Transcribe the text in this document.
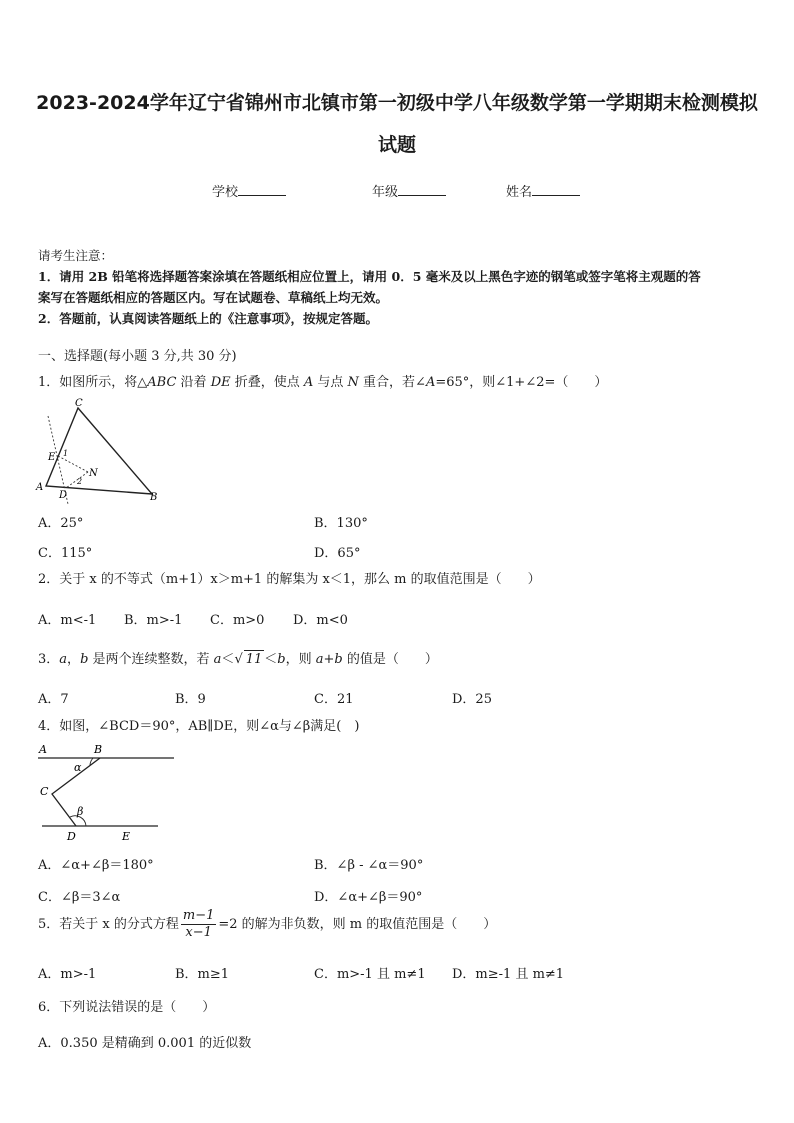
2023-2024学年辽宁省锦州市北镇市第一初级中学八年级数学第一学期期末检测模拟
试题
学校	年级	姓名
请考生注意：
1．请用 2B 铅笔将选择题答案涂填在答题纸相应位置上，请用 0．5 毫米及以上黑色字迹的钢笔或签字笔将主观题的答
案写在答题纸相应的答题区内。写在试题卷、草稿纸上均无效。
2．答题前，认真阅读答题纸上的《注意事项》，按规定答题。
一、选择题(每小题 3 分,共 30 分)
1．如图所示，将△ABC 沿着 DE 折叠，使点 A 与点 N 重合，若∠A=65°，则∠1+∠2=（　　）
C
E 1
N
2
A
D	B
A．25°	B．130°
C．115°	D．65°
2．关于 x 的不等式（m+1）x＞m+1 的解集为 x＜1，那么 m 的取值范围是（　　）
A．m<-1 B．m>-1 C．m>0 D．m<0
3．a，b 是两个连续整数，若 a＜√ 11 ＜b，则 a+b 的值是（　　）
A．7	B．9	C．21	D．25
4．如图，∠BCD＝90°，AB∥DE，则∠α与∠β满足(　)
A	B
α
C
β
D	E
A．∠α+∠β＝180°	B．∠β - ∠α＝90°
C．∠β＝3∠α	D．∠α+∠β＝90°
5．若关于 x 的分式方程 $\frac{m-1}{x-1} =2$ 的解为非负数，则 m 的取值范围是（　　）
A．m>-1	B．m≥1	C．m>-1 且 m≠1 D．m≥-1 且 m≠1
6．下列说法错误的是（　　）
A．0.350 是精确到 0.001 的近似数
